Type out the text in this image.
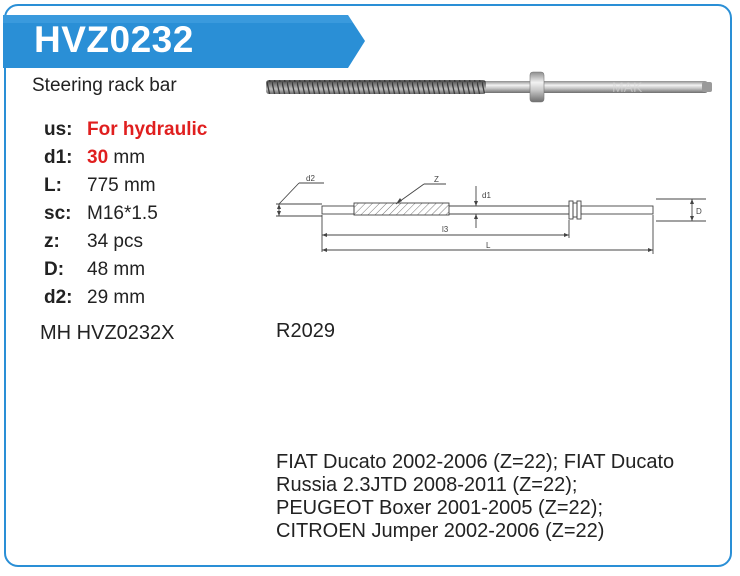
HVZ0232
Steering rack bar
us: For hydraulic
d1: 30 mm
L: 775 mm
sc: M16*1.5
z: 34 pcs
D: 48 mm
d2: 29 mm
MH HVZ0232X	R2029
MAK
d2	Z
d1
D
l3
L
FIAT Ducato 2002-2006 (Z=22); FIAT Ducato
Russia 2.3JTD 2008-2011 (Z=22);
PEUGEOT Boxer 2001-2005 (Z=22);
CITROEN Jumper 2002-2006 (Z=22)
